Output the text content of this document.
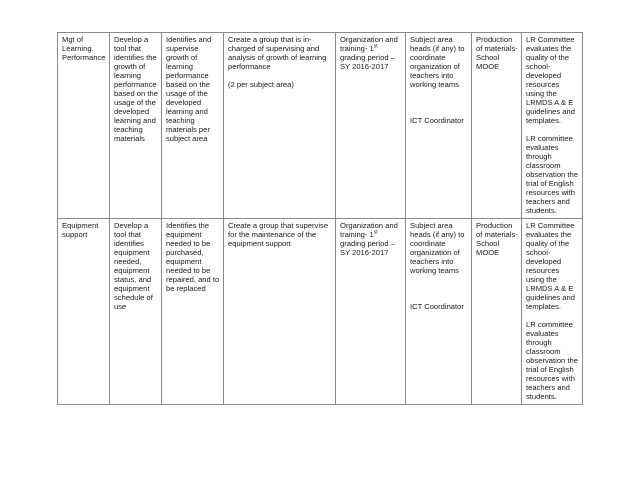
Mgt of Learning. Performance	Develop a tool that identifies the growth of learning performance based on the usage of the developed learning and teaching materials	Identifies and supervise growth of learning performance based on the usage of the developed learning and teaching materials per subject area	Create a group that is in-charged of supervising and analysis of growth of learning performance
(2 per subject area)	Organization and training- 1st grading period – SY 2016-2017	Subject area heads (if any) to coordinate organization of teachers into working teams
ICT Coordinator	Production of materials- School MOOE	LR Committee evaluates the quality of the school-developed resources using the LRMDS A & E guidelines and templates.
LR committee evaluates through classroom observation the trial of English resources with teachers and students.

Equipment support	Develop a tool that identifies equipment needed, equipment status, and equipment schedule of use	Identifies the equipment needed to be purchased, equipment needed to be repaired, and to be replaced	Create a group that supervise for the maintenance of the equipment support	Organization and training- 1st grading period – SY 2016-2017	Subject area heads (if any) to coordinate organization of teachers into working teams
ICT Coordinator	Production of materials- School MOOE	LR Committee evaluates the quality of the school-developed resources using the LRMDS A & E guidelines and templates.
LR committee evaluates through classroom observation the trial of English resources with teachers and students.
